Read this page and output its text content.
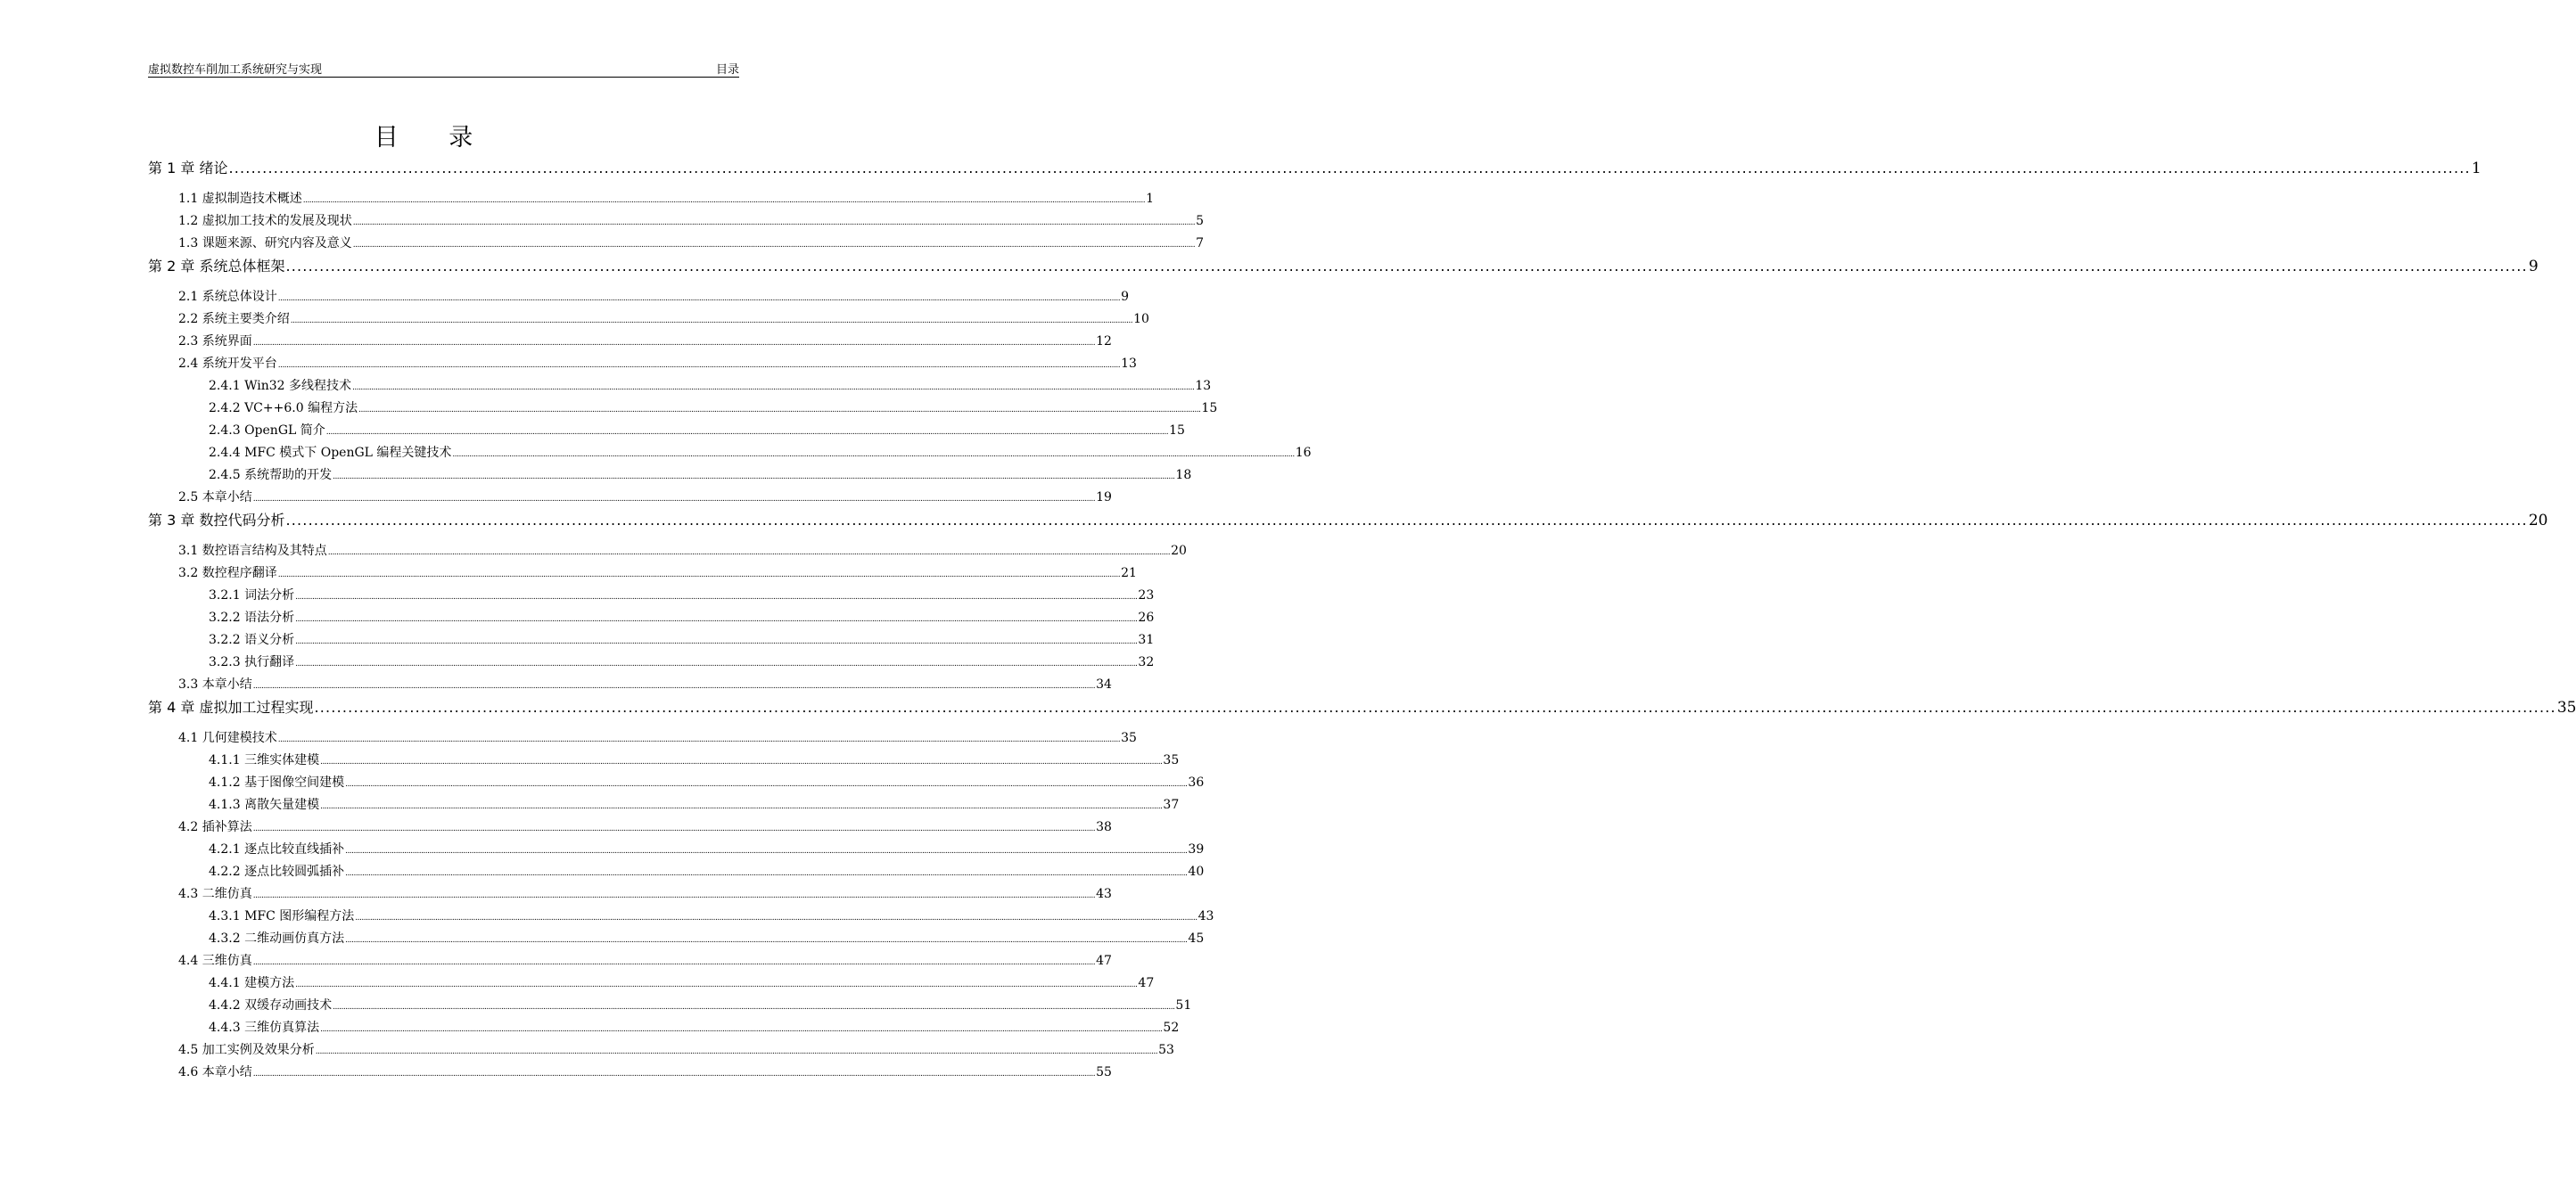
虚拟数控车削加工系统研究与实现	目录
目 录
第 1 章 绪论 ................................................................................................................................................................................................................................................................................................................................................................................................................ 1
1.1 虚拟制造技术概述 ................................................................................................................................................................................................................................................................................................................................................................................................................ 1
1.2 虚拟加工技术的发展及现状 ................................................................................................................................................................................................................................................................................................................................................................................................................ 5
1.3 课题来源、研究内容及意义 ................................................................................................................................................................................................................................................................................................................................................................................................................ 7
第 2 章 系统总体框架 ................................................................................................................................................................................................................................................................................................................................................................................................................ 9
2.1 系统总体设计 ................................................................................................................................................................................................................................................................................................................................................................................................................ 9
2.2 系统主要类介绍 ................................................................................................................................................................................................................................................................................................................................................................................................................ 10
2.3 系统界面 ................................................................................................................................................................................................................................................................................................................................................................................................................ 12
2.4 系统开发平台 ................................................................................................................................................................................................................................................................................................................................................................................................................ 13
2.4.1 Win32 多线程技术 ................................................................................................................................................................................................................................................................................................................................................................................................................ 13
2.4.2 VC++6.0 编程方法 ................................................................................................................................................................................................................................................................................................................................................................................................................ 15
2.4.3 OpenGL 简介 ................................................................................................................................................................................................................................................................................................................................................................................................................ 15
2.4.4 MFC 模式下 OpenGL 编程关键技术 ................................................................................................................................................................................................................................................................................................................................................................................................................ 16
2.4.5 系统帮助的开发 ................................................................................................................................................................................................................................................................................................................................................................................................................ 18
2.5 本章小结 ................................................................................................................................................................................................................................................................................................................................................................................................................ 19
第 3 章 数控代码分析 ................................................................................................................................................................................................................................................................................................................................................................................................................ 20
3.1 数控语言结构及其特点 ................................................................................................................................................................................................................................................................................................................................................................................................................ 20
3.2 数控程序翻译 ................................................................................................................................................................................................................................................................................................................................................................................................................ 21
3.2.1 词法分析 ................................................................................................................................................................................................................................................................................................................................................................................................................ 23
3.2.2 语法分析 ................................................................................................................................................................................................................................................................................................................................................................................................................ 26
3.2.2 语义分析 ................................................................................................................................................................................................................................................................................................................................................................................................................ 31
3.2.3 执行翻译 ................................................................................................................................................................................................................................................................................................................................................................................................................ 32
3.3 本章小结 ................................................................................................................................................................................................................................................................................................................................................................................................................ 34
第 4 章 虚拟加工过程实现 ................................................................................................................................................................................................................................................................................................................................................................................................................ 35
4.1 几何建模技术 ................................................................................................................................................................................................................................................................................................................................................................................................................ 35
4.1.1 三维实体建模 ................................................................................................................................................................................................................................................................................................................................................................................................................ 35
4.1.2 基于图像空间建模 ................................................................................................................................................................................................................................................................................................................................................................................................................ 36
4.1.3 离散矢量建模 ................................................................................................................................................................................................................................................................................................................................................................................................................ 37
4.2 插补算法 ................................................................................................................................................................................................................................................................................................................................................................................................................ 38
4.2.1 逐点比较直线插补 ................................................................................................................................................................................................................................................................................................................................................................................................................ 39
4.2.2 逐点比较圆弧插补 ................................................................................................................................................................................................................................................................................................................................................................................................................ 40
4.3 二维仿真 ................................................................................................................................................................................................................................................................................................................................................................................................................ 43
4.3.1 MFC 图形编程方法 ................................................................................................................................................................................................................................................................................................................................................................................................................ 43
4.3.2 二维动画仿真方法 ................................................................................................................................................................................................................................................................................................................................................................................................................ 45
4.4 三维仿真 ................................................................................................................................................................................................................................................................................................................................................................................................................ 47
4.4.1 建模方法 ................................................................................................................................................................................................................................................................................................................................................................................................................ 47
4.4.2 双缓存动画技术 ................................................................................................................................................................................................................................................................................................................................................................................................................ 51
4.4.3 三维仿真算法 ................................................................................................................................................................................................................................................................................................................................................................................................................ 52
4.5 加工实例及效果分析 ................................................................................................................................................................................................................................................................................................................................................................................................................ 53
4.6 本章小结 ................................................................................................................................................................................................................................................................................................................................................................................................................ 55
